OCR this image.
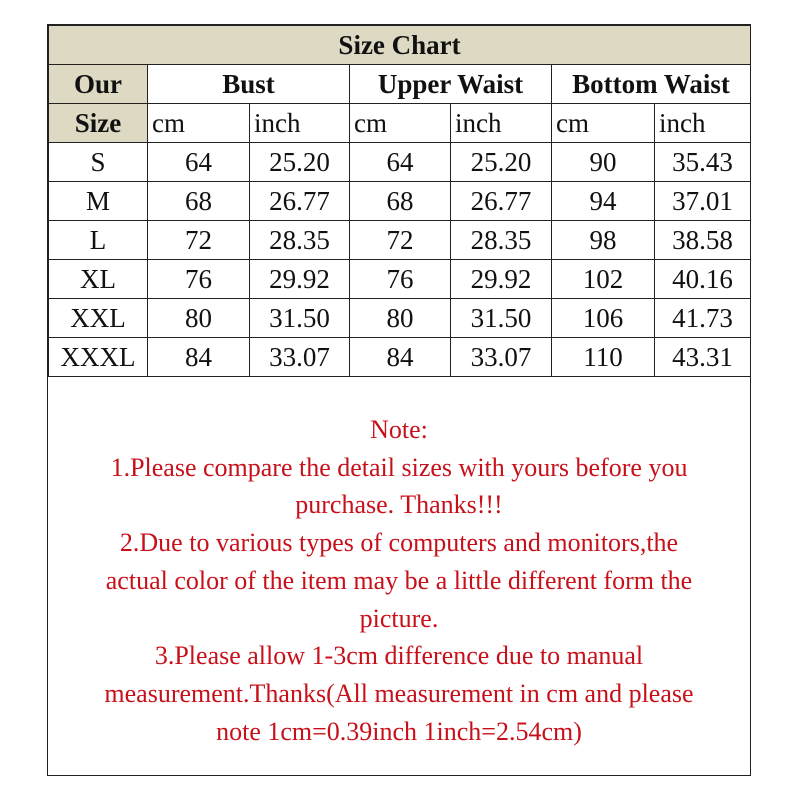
Size Chart						
Our	Bust		Upper Waist		Bottom Waist	
Size	cm	inch	cm	inch	cm	inch
S	64	25.20	64	25.20	90	35.43
M	68	26.77	68	26.77	94	37.01
L	72	28.35	72	28.35	98	38.58
XL	76	29.92	76	29.92	102	40.16
XXL	80	31.50	80	31.50	106	41.73
XXXL	84	33.07	84	33.07	110	43.31
Note:
1.Please compare the detail sizes with yours before you
purchase. Thanks!!!
2.Due to various types of computers and monitors,the
actual color of the item may be a little different form the
picture.
3.Please allow 1-3cm difference due to manual
measurement.Thanks(All measurement in cm and please
note 1cm=0.39inch 1inch=2.54cm)
